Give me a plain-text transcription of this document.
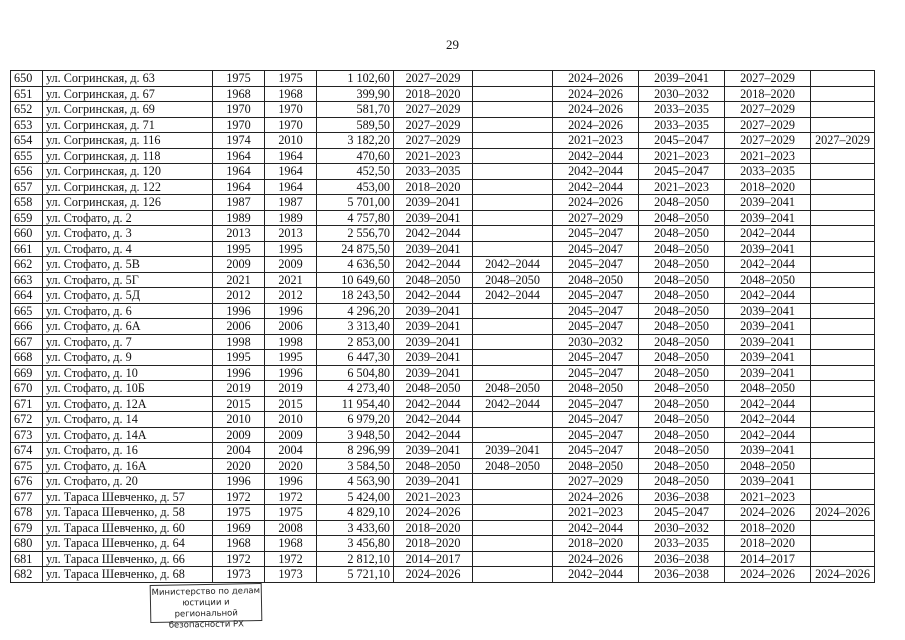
29
650	ул. Согринская, д. 63	1975	1975	1 102,60	2027–2029		2024–2026	2039–2041	2027–2029	
651	ул. Согринская, д. 67	1968	1968	399,90	2018–2020		2024–2026	2030–2032	2018–2020	
652	ул. Согринская, д. 69	1970	1970	581,70	2027–2029		2024–2026	2033–2035	2027–2029	
653	ул. Согринская, д. 71	1970	1970	589,50	2027–2029		2024–2026	2033–2035	2027–2029	
654	ул. Согринская, д. 116	1974	2010	3 182,20	2027–2029		2021–2023	2045–2047	2027–2029	2027–2029
655	ул. Согринская, д. 118	1964	1964	470,60	2021–2023		2042–2044	2021–2023	2021–2023	
656	ул. Согринская, д. 120	1964	1964	452,50	2033–2035		2042–2044	2045–2047	2033–2035	
657	ул. Согринская, д. 122	1964	1964	453,00	2018–2020		2042–2044	2021–2023	2018–2020	
658	ул. Согринская, д. 126	1987	1987	5 701,00	2039–2041		2024–2026	2048–2050	2039–2041	
659	ул. Стофато, д. 2	1989	1989	4 757,80	2039–2041		2027–2029	2048–2050	2039–2041	
660	ул. Стофато, д. 3	2013	2013	2 556,70	2042–2044		2045–2047	2048–2050	2042–2044	
661	ул. Стофато, д. 4	1995	1995	24 875,50	2039–2041		2045–2047	2048–2050	2039–2041	
662	ул. Стофато, д. 5В	2009	2009	4 636,50	2042–2044	2042–2044	2045–2047	2048–2050	2042–2044	
663	ул. Стофато, д. 5Г	2021	2021	10 649,60	2048–2050	2048–2050	2048–2050	2048–2050	2048–2050	
664	ул. Стофато, д. 5Д	2012	2012	18 243,50	2042–2044	2042–2044	2045–2047	2048–2050	2042–2044	
665	ул. Стофато, д. 6	1996	1996	4 296,20	2039–2041		2045–2047	2048–2050	2039–2041	
666	ул. Стофато, д. 6А	2006	2006	3 313,40	2039–2041		2045–2047	2048–2050	2039–2041	
667	ул. Стофато, д. 7	1998	1998	2 853,00	2039–2041		2030–2032	2048–2050	2039–2041	
668	ул. Стофато, д. 9	1995	1995	6 447,30	2039–2041		2045–2047	2048–2050	2039–2041	
669	ул. Стофато, д. 10	1996	1996	6 504,80	2039–2041		2045–2047	2048–2050	2039–2041	
670	ул. Стофато, д. 10Б	2019	2019	4 273,40	2048–2050	2048–2050	2048–2050	2048–2050	2048–2050	
671	ул. Стофато, д. 12А	2015	2015	11 954,40	2042–2044	2042–2044	2045–2047	2048–2050	2042–2044	
672	ул. Стофато, д. 14	2010	2010	6 979,20	2042–2044		2045–2047	2048–2050	2042–2044	
673	ул. Стофато, д. 14А	2009	2009	3 948,50	2042–2044		2045–2047	2048–2050	2042–2044	
674	ул. Стофато, д. 16	2004	2004	8 296,99	2039–2041	2039–2041	2045–2047	2048–2050	2039–2041	
675	ул. Стофато, д. 16А	2020	2020	3 584,50	2048–2050	2048–2050	2048–2050	2048–2050	2048–2050	
676	ул. Стофато, д. 20	1996	1996	4 563,90	2039–2041		2027–2029	2048–2050	2039–2041	
677	ул. Тараса Шевченко, д. 57	1972	1972	5 424,00	2021–2023		2024–2026	2036–2038	2021–2023	
678	ул. Тараса Шевченко, д. 58	1975	1975	4 829,10	2024–2026		2021–2023	2045–2047	2024–2026	2024–2026
679	ул. Тараса Шевченко, д. 60	1969	2008	3 433,60	2018–2020		2042–2044	2030–2032	2018–2020	
680	ул. Тараса Шевченко, д. 64	1968	1968	3 456,80	2018–2020		2018–2020	2033–2035	2018–2020	
681	ул. Тараса Шевченко, д. 66	1972	1972	2 812,10	2014–2017		2024–2026	2036–2038	2014–2017	
682	ул. Тараса Шевченко, д. 68	1973	1973	5 721,10	2024–2026		2042–2044	2036–2038	2024–2026	2024–2026
Министерство по делам
юстиции и региональной
безопасности РХ
